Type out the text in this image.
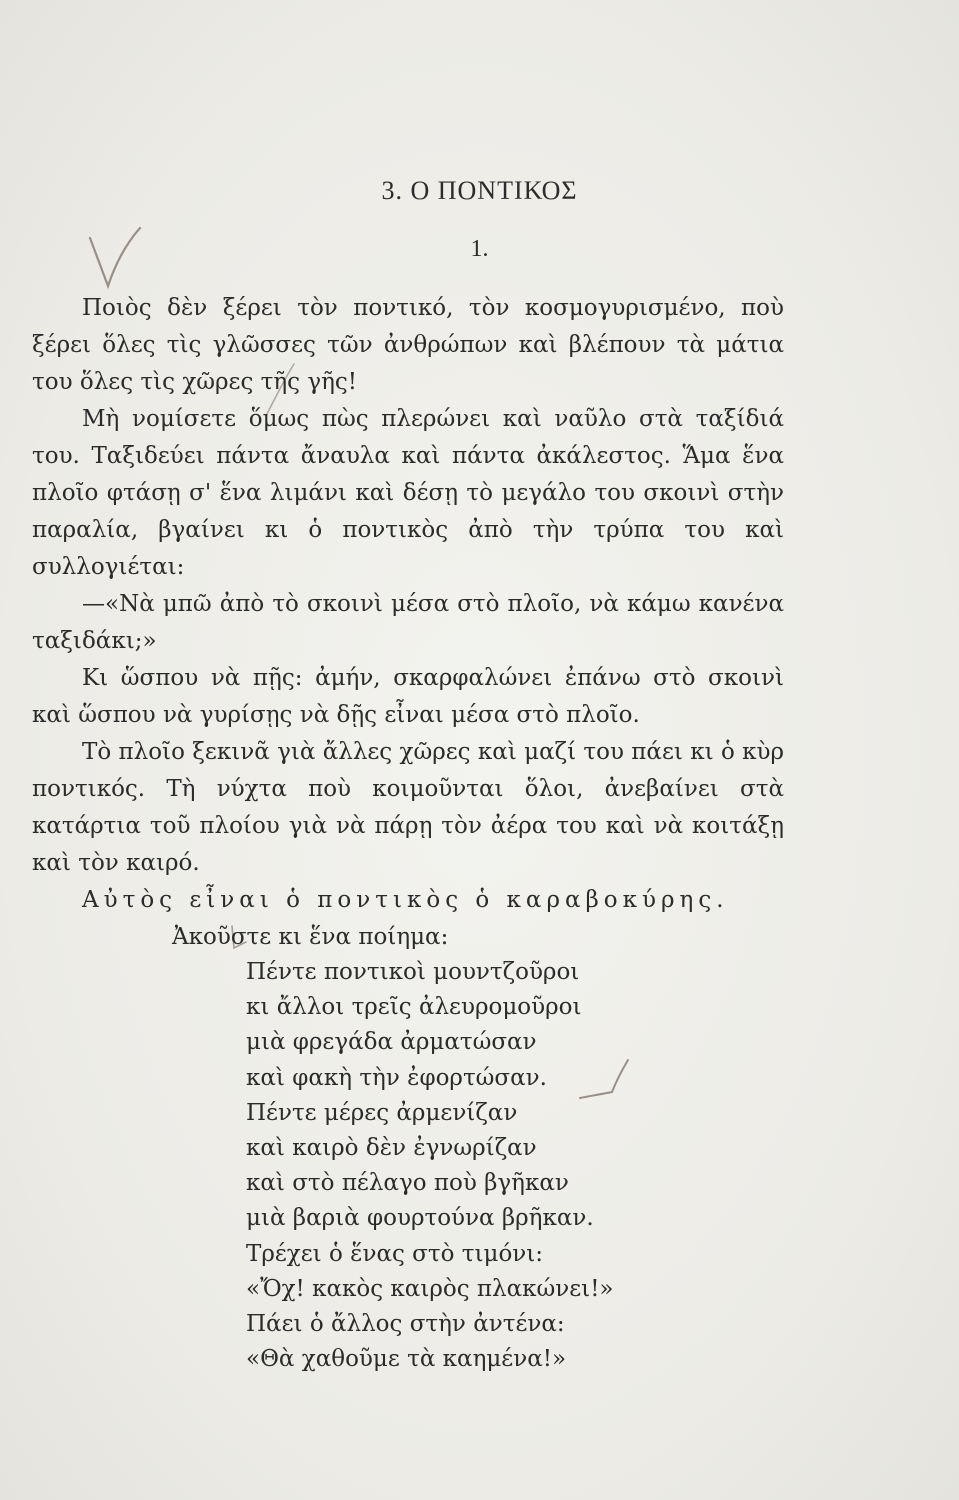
3. Ο ΠΟΝΤΙΚΟΣ
1.

Ποιὸς δὲν ξέρει τὸν ποντικό, τὸν κοσμογυρισμένο, ποὺ ξέρει ὅλες τὶς γλῶσσες τῶν ἀνθρώπων καὶ βλέπουν τὰ μάτια του ὅλες τὶς χῶρες τῆς γῆς!

Μὴ νομίσετε ὅμως πὼς πλερώνει καὶ ναῦλο στὰ ταξίδιά του. Ταξιδεύει πάντα ἄναυλα καὶ πάντα ἀκάλεστος. Ἅμα ἕνα πλοῖο φτάσῃ σ' ἕνα λιμάνι καὶ δέσῃ τὸ μεγάλο του σκοινὶ στὴν παραλία, βγαίνει κι ὁ ποντικὸς ἀπὸ τὴν τρύπα του καὶ συλλογιέται:

—«Νὰ μπῶ ἀπὸ τὸ σκοινὶ μέσα στὸ πλοῖο, νὰ κάμω κανένα ταξιδάκι;»

Κι ὥσπου νὰ πῇς: ἀμήν, σκαρφαλώνει ἐπάνω στὸ σκοινὶ καὶ ὥσπου νὰ γυρίσῃς νὰ δῇς εἶναι μέσα στὸ πλοῖο.

Τὸ πλοῖο ξεκινᾶ γιὰ ἄλλες χῶρες καὶ μαζί του πάει κι ὁ κὺρ ποντικός. Τὴ νύχτα ποὺ κοιμοῦνται ὅλοι, ἀνεβαίνει στὰ κατάρτια τοῦ πλοίου γιὰ νὰ πάρῃ τὸν ἀέρα του καὶ νὰ κοιτάξῃ καὶ τὸν καιρό.

Αὐτὸς εἶναι ὁ ποντικὸς ὁ καραβοκύρης.

Ἀκοῦστε κι ἕνα ποίημα:

Πέντε ποντικοὶ μουντζοῦροι
κι ἄλλοι τρεῖς ἀλευρομοῦροι
μιὰ φρεγάδα ἀρματώσαν
καὶ φακὴ τὴν ἐφορτώσαν.
Πέντε μέρες ἀρμενίζαν
καὶ καιρὸ δὲν ἐγνωρίζαν
καὶ στὸ πέλαγο ποὺ βγῆκαν
μιὰ βαριὰ φουρτούνα βρῆκαν.
Τρέχει ὁ ἕνας στὸ τιμόνι:
«Ὄχ! κακὸς καιρὸς πλακώνει!»
Πάει ὁ ἄλλος στὴν ἀντένα:
«Θὰ χαθοῦμε τὰ καημένα!»
